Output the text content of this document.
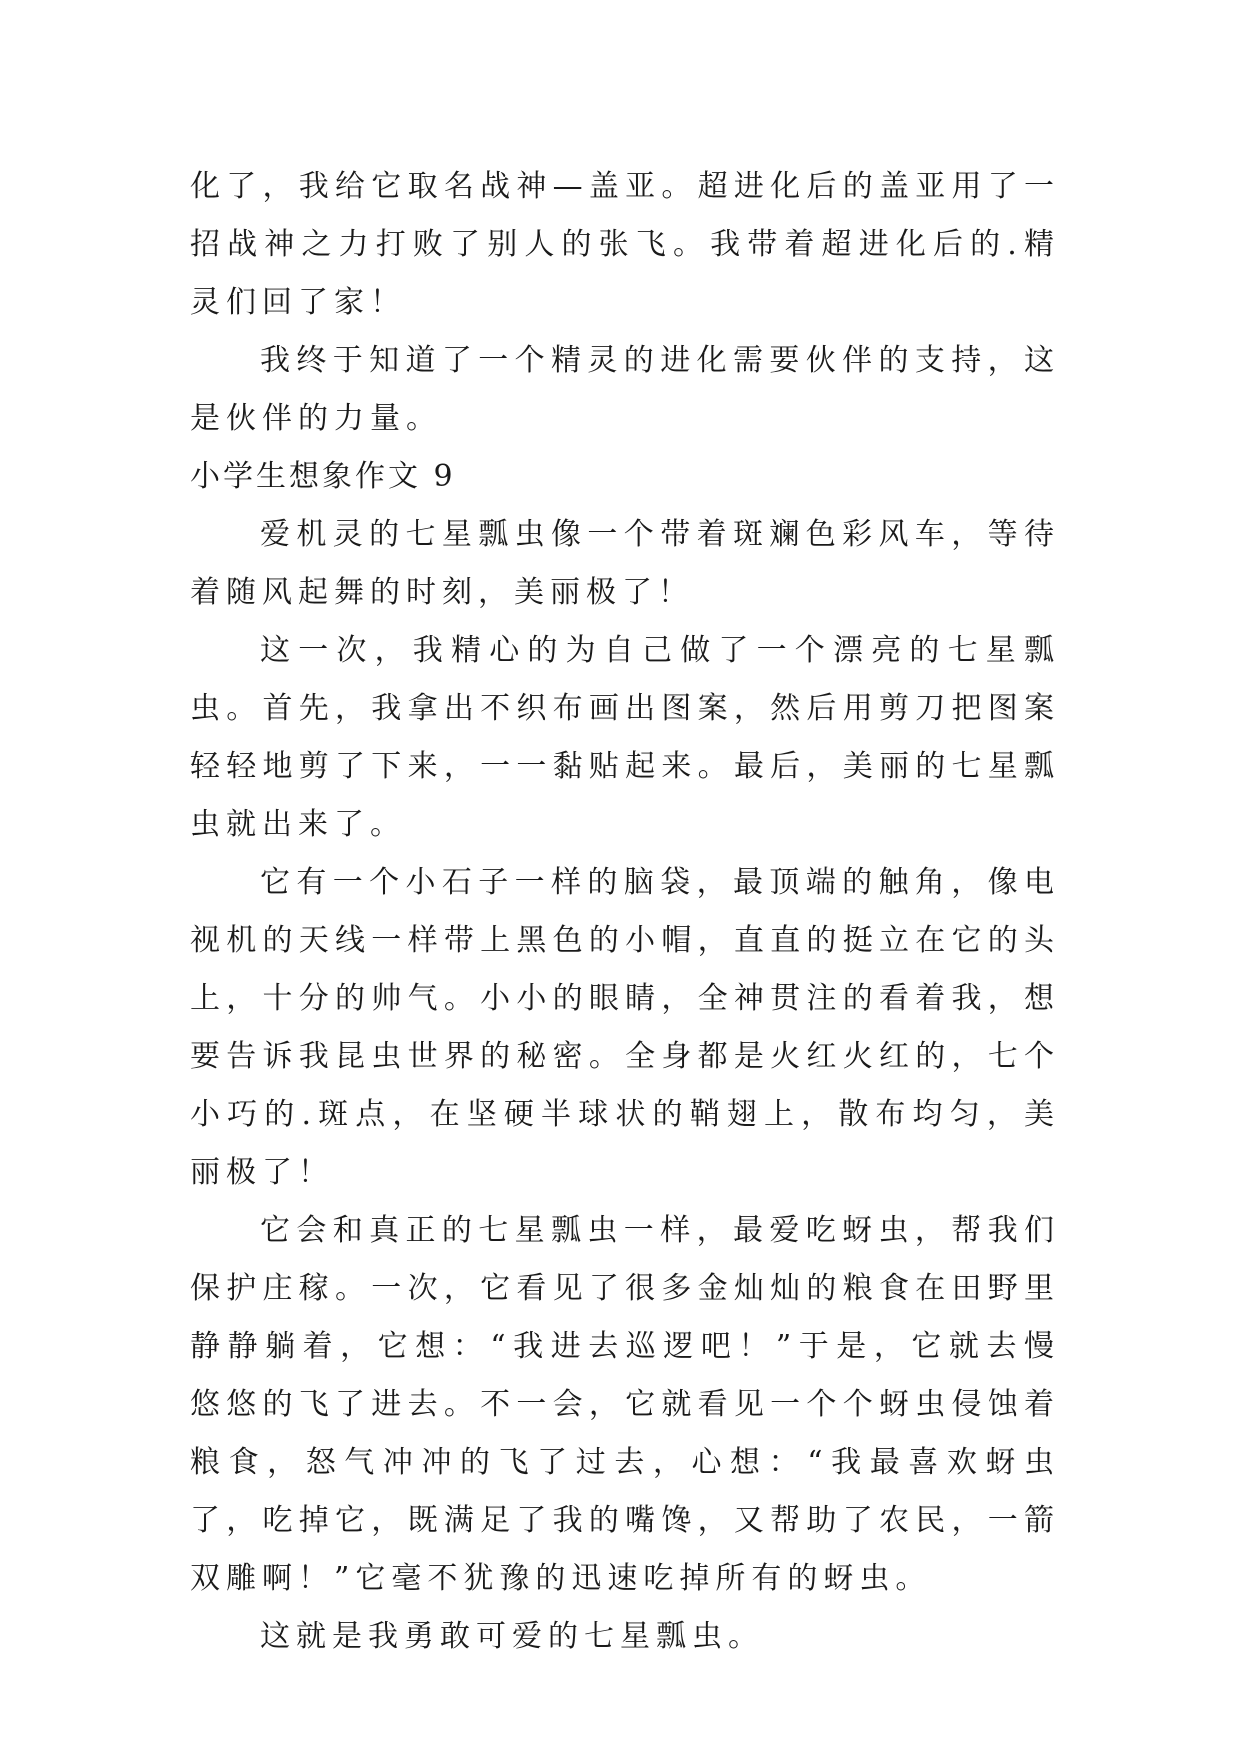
化了，我给它取名战神—盖亚。超进化后的盖亚用了一招战神之力打败了别人的张飞。我带着超进化后的.精灵们回了家！

我终于知道了一个精灵的进化需要伙伴的支持，这是伙伴的力量。

小学生想象作文 9

爱机灵的七星瓢虫像一个带着斑斓色彩风车，等待着随风起舞的时刻，美丽极了！

这一次，我精心的为自己做了一个漂亮的七星瓢虫。首先，我拿出不织布画出图案，然后用剪刀把图案轻轻地剪了下来，一一黏贴起来。最后，美丽的七星瓢虫就出来了。

它有一个小石子一样的脑袋，最顶端的触角，像电视机的天线一样带上黑色的小帽，直直的挺立在它的头上，十分的帅气。小小的眼睛，全神贯注的看着我，想要告诉我昆虫世界的秘密。全身都是火红火红的，七个小巧的.斑点，在坚硬半球状的鞘翅上，散布均匀，美丽极了！

它会和真正的七星瓢虫一样，最爱吃蚜虫，帮我们保护庄稼。一次，它看见了很多金灿灿的粮食在田野里静静躺着，它想：“我进去巡逻吧！”于是，它就去慢悠悠的飞了进去。不一会，它就看见一个个蚜虫侵蚀着粮食，怒气冲冲的飞了过去，心想：“我最喜欢蚜虫了，吃掉它，既满足了我的嘴馋，又帮助了农民，一箭双雕啊！”它毫不犹豫的迅速吃掉所有的蚜虫。

这就是我勇敢可爱的七星瓢虫。
